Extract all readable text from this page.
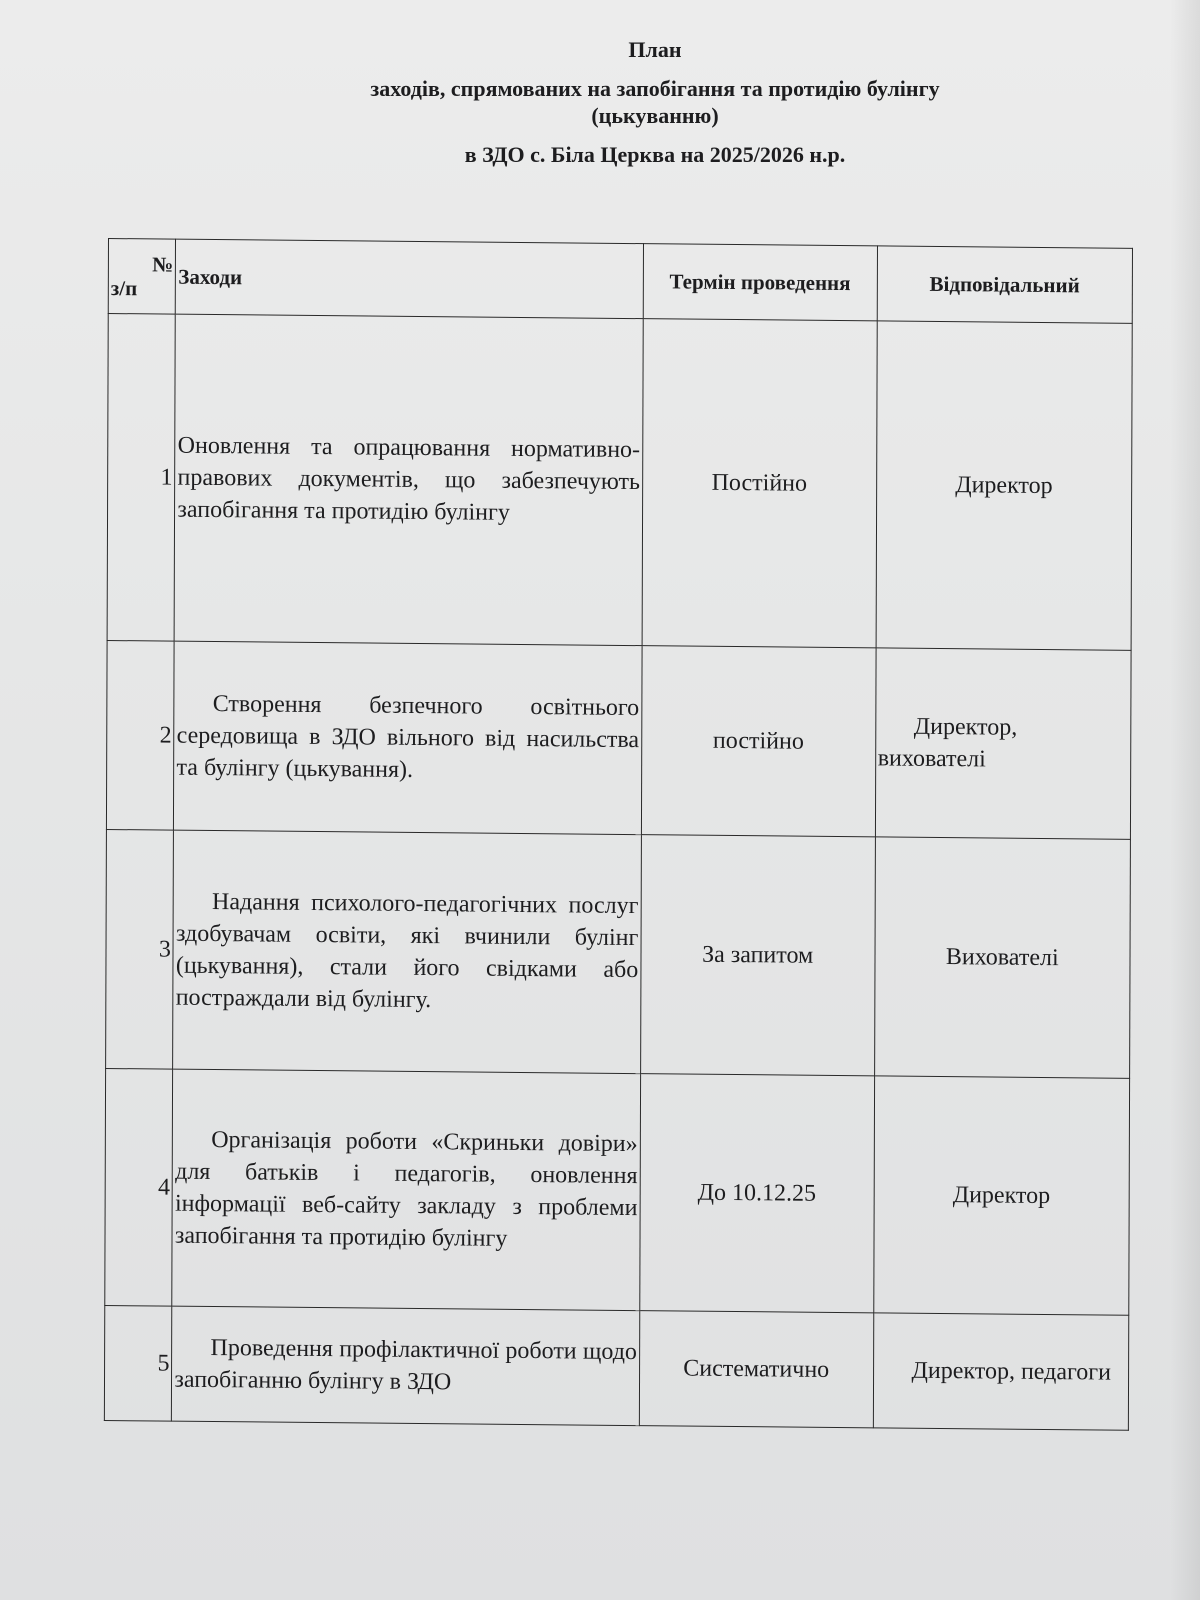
План
заходів, спрямованих на запобігання та протидію булінгу
(цькуванню)
в ЗДО с. Біла Церква на 2025/2026 н.р.
№
з/п	Заходи	Термін проведення	Відповідальний
1	Оновлення та опрацювання нормативно-правових документів, що забезпечують запобігання та протидію булінгу	Постійно	Директор
2	Створення безпечного освітнього середовища в ЗДО вільного від насильства та булінгу (цькування).	постійно	Директор, вихователі
3	Надання психолого-педагогічних послуг здобувачам освіти, які вчинили булінг (цькування), стали його свідками або постраждали від булінгу.	За запитом	Вихователі
4	Організація роботи «Скриньки довіри» для батьків і педагогів, оновлення інформації веб-сайту закладу з проблеми запобігання та протидію булінгу	До 10.12.25	Директор
5	Проведення профілактичної роботи щодо запобіганню булінгу в ЗДО	Систематично	Директор, педагоги
